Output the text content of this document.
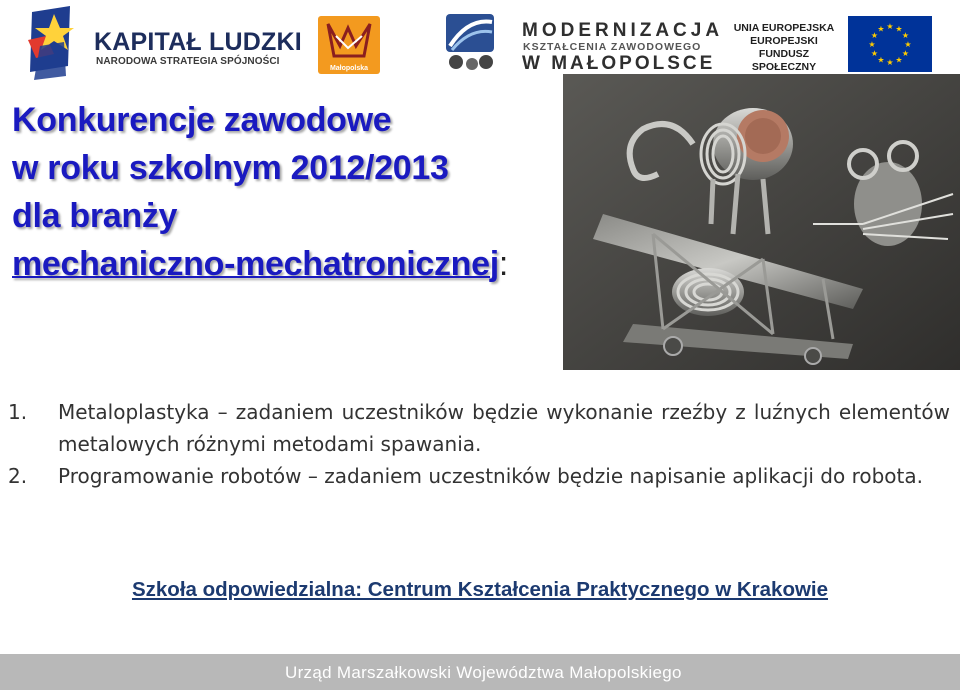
KAPITAŁ LUDZKI
NARODOWA STRATEGIA SPÓJNOŚCI
Małopolska
MODERNIZACJA
KSZTAŁCENIA ZAWODOWEGO
W MAŁOPOLSCE
UNIA EUROPEJSKA
EUROPEJSKI
FUNDUSZ SPOŁECZNY
★ ★
★
★
★
★
★
★
★
★
★
★
Konkurencje zawodowe
w roku szkolnym 2012/2013
dla branży
mechaniczno-mechatronicznej:
1. Metaloplastyka – zadaniem uczestników będzie wykonanie rzeźby z luźnych elementów metalowych różnymi metodami spawania.
2. Programowanie robotów – zadaniem uczestników będzie napisanie aplikacji do robota.
Szkoła odpowiedzialna: Centrum Kształcenia Praktycznego w Krakowie
Urząd Marszałkowski Województwa Małopolskiego
